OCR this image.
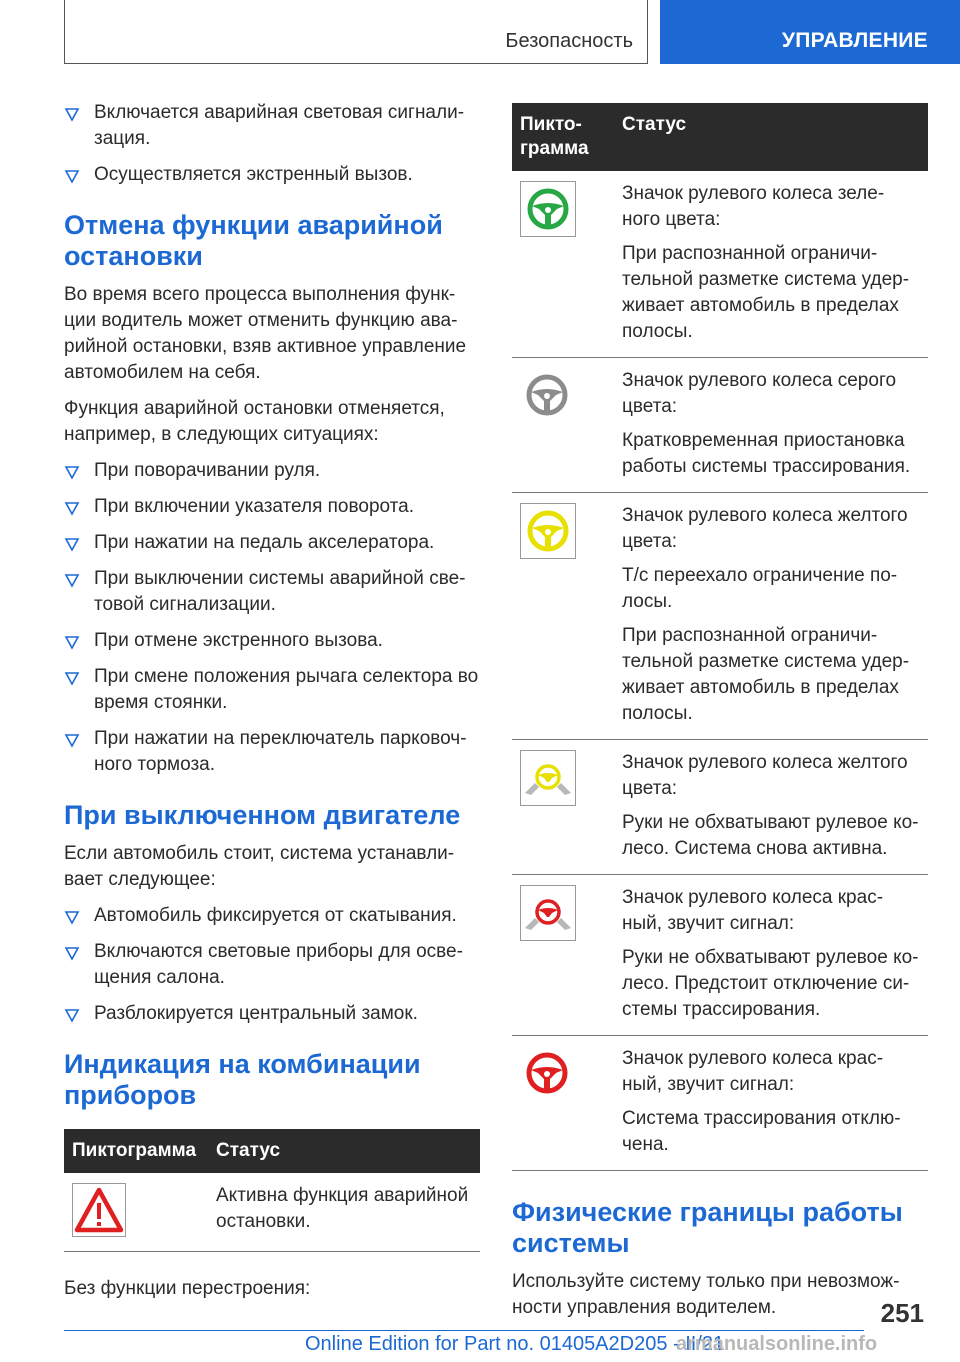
Безопасность	УПРАВЛЕНИЕ
Включается аварийная световая сигнали-зация.
Осуществляется экстренный вызов.
Отмена функции аварийной остановки

Во время всего процесса выполнения функ-ции водитель может отменить функцию ава-рийной остановки, взяв активное управление автомобилем на себя.

Функция аварийной остановки отменяется, например, в следующих ситуациях:

При поворачивании руля.
При включении указателя поворота.
При нажатии на педаль акселератора.
При выключении системы аварийной све-товой сигнализации.
При отмене экстренного вызова.
При смене положения рычага селектора во время стоянки.
При нажатии на переключатель парковоч-ного тормоза.
При выключенном двигателе

Если автомобиль стоит, система устанавли-вает следующее:

Автомобиль фиксируется от скатывания.
Включаются световые приборы для осве-щения салона.
Разблокируется центральный замок.
Индикация на комбинации приборов
Пиктограмма	Статус

Активна функция аварийной остановки.

Без функции перестроения:

Пикто-грамма	Статус

Значок рулевого колеса зеле-ного цвета:

При распознанной ограничи-тельной разметке система удер-живает автомобиль в пределах полосы.

Значок рулевого колеса серого цвета:

Кратковременная приостановка работы системы трассирования.

Значок рулевого колеса желтого цвета:

Т/с переехало ограничение по-лосы.

При распознанной ограничи-тельной разметке система удер-живает автомобиль в пределах полосы.

Значок рулевого колеса желтого цвета:

Руки не обхватывают рулевое ко-лесо. Система снова активна.

Значок рулевого колеса крас-ный, звучит сигнал:

Руки не обхватывают рулевое ко-лесо. Предстоит отключение си-стемы трассирования.

Значок рулевого колеса крас-ный, звучит сигнал:

Система трассирования отклю-чена.

Физические границы работы системы

Используйте систему только при невозмож-ности управления водителем.	251
Online Edition for Part no. 01405A2D205 - II/21
armanualsonline.info
